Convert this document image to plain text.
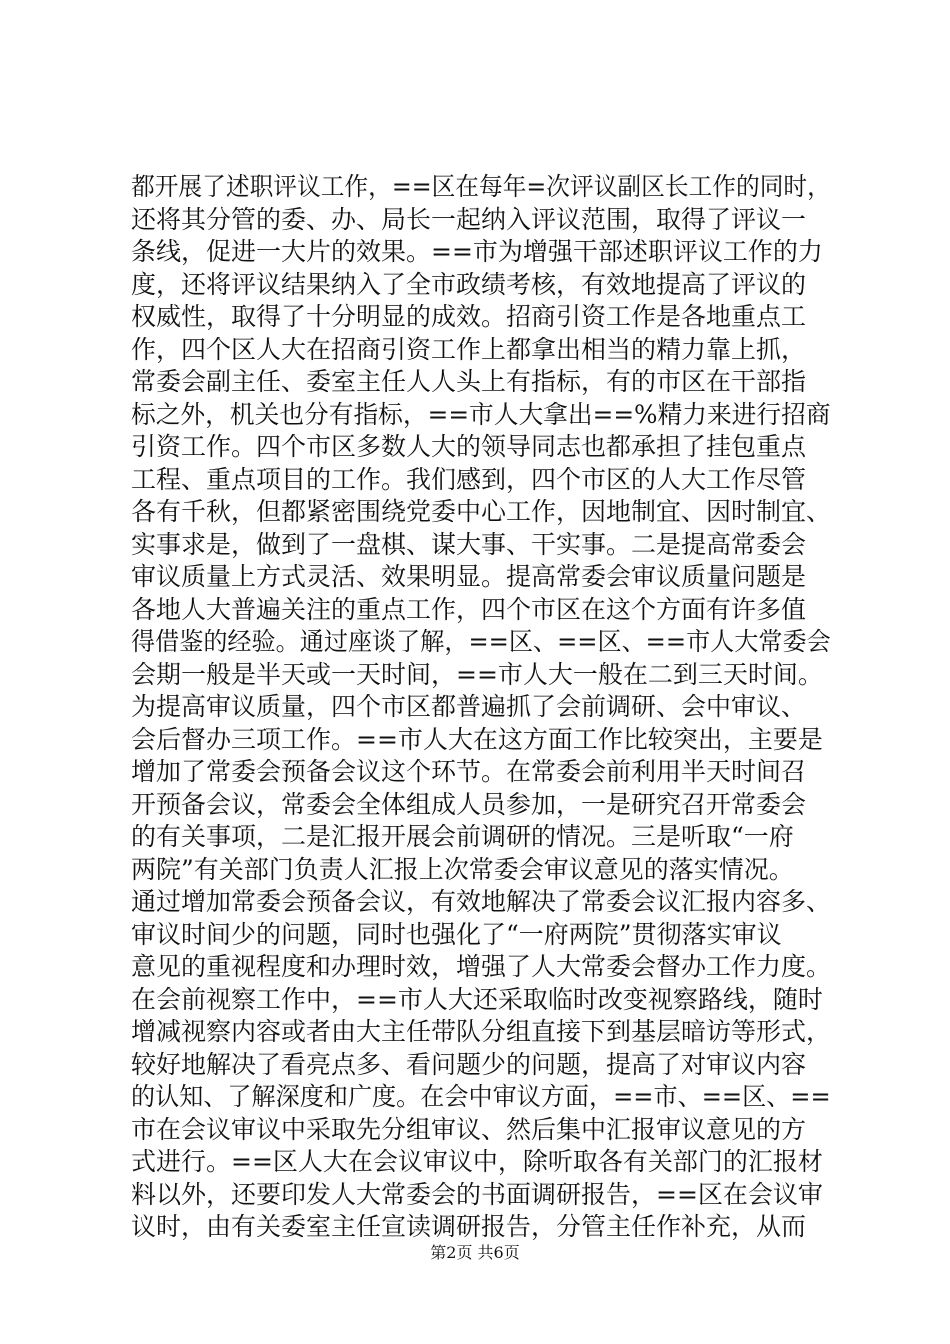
都开展了述职评议工作，==区在每年=次评议副区长工作的同时，
还将其分管的委、办、局长一起纳入评议范围，取得了评议一
条线，促进一大片的效果。==市为增强干部述职评议工作的力
度，还将评议结果纳入了全市政绩考核，有效地提高了评议的
权威性，取得了十分明显的成效。招商引资工作是各地重点工
作，四个区人大在招商引资工作上都拿出相当的精力靠上抓，
常委会副主任、委室主任人人头上有指标，有的市区在干部指
标之外，机关也分有指标，==市人大拿出==%精力来进行招商
引资工作。四个市区多数人大的领导同志也都承担了挂包重点
工程、重点项目的工作。我们感到，四个市区的人大工作尽管
各有千秋，但都紧密围绕党委中心工作，因地制宜、因时制宜、
实事求是，做到了一盘棋、谋大事、干实事。二是提高常委会
审议质量上方式灵活、效果明显。提高常委会审议质量问题是
各地人大普遍关注的重点工作，四个市区在这个方面有许多值
得借鉴的经验。通过座谈了解，==区、==区、==市人大常委会
会期一般是半天或一天时间，==市人大一般在二到三天时间。
为提高审议质量，四个市区都普遍抓了会前调研、会中审议、
会后督办三项工作。==市人大在这方面工作比较突出，主要是
增加了常委会预备会议这个环节。在常委会前利用半天时间召
开预备会议，常委会全体组成人员参加，一是研究召开常委会
的有关事项，二是汇报开展会前调研的情况。三是听取“一府
两院”有关部门负责人汇报上次常委会审议意见的落实情况。
通过增加常委会预备会议，有效地解决了常委会议汇报内容多、
审议时间少的问题，同时也强化了“一府两院”贯彻落实审议
意见的重视程度和办理时效，增强了人大常委会督办工作力度。
在会前视察工作中，==市人大还采取临时改变视察路线，随时
增减视察内容或者由大主任带队分组直接下到基层暗访等形式，
较好地解决了看亮点多、看问题少的问题，提高了对审议内容
的认知、了解深度和广度。在会中审议方面，==市、==区、==
市在会议审议中采取先分组审议、然后集中汇报审议意见的方
式进行。==区人大在会议审议中，除听取各有关部门的汇报材
料以外，还要印发人大常委会的书面调研报告，==区在会议审
议时，由有关委室主任宣读调研报告，分管主任作补充，从而
第2页 共6页
